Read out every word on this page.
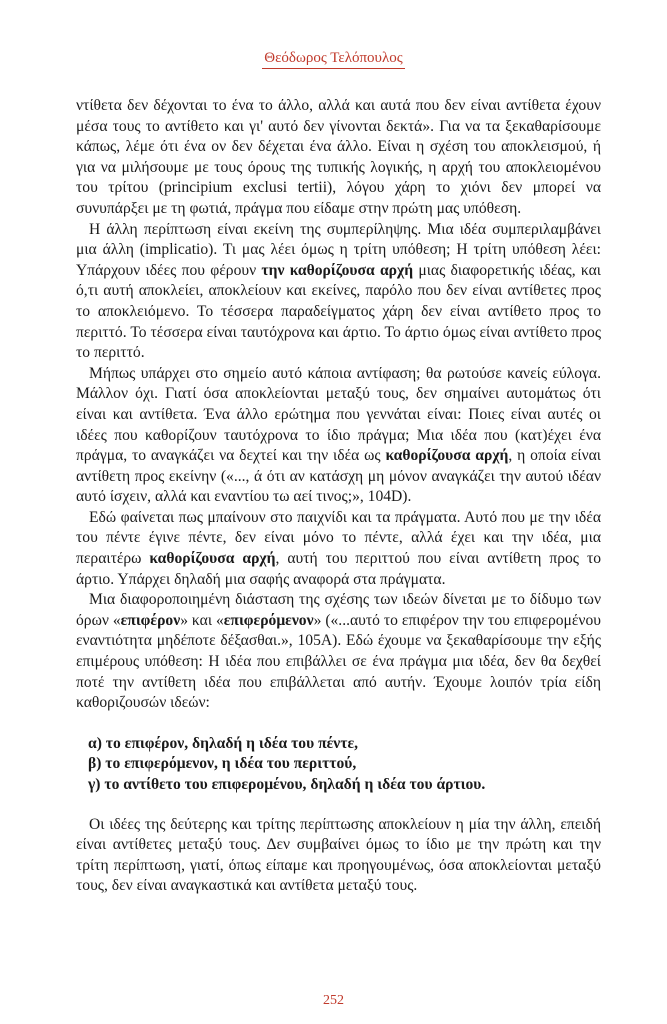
Θεόδωρος Τελόπουλος

ντίθετα δεν δέχονται το ένα το άλλο, αλλά και αυτά που δεν είναι αντίθετα έχουν μέσα τους το αντίθετο και γι' αυτό δεν γίνονται δεκτά». Για να τα ξεκαθαρίσουμε κάπως, λέμε ότι ένα ον δεν δέχεται ένα άλλο. Είναι η σχέση του αποκλεισμού, ή για να μιλήσουμε με τους όρους της τυπικής λογικής, η αρχή του αποκλειομένου του τρίτου (principium exclusi tertii), λόγου χάρη το χιόνι δεν μπορεί να συνυπάρξει με τη φωτιά, πράγμα που είδαμε στην πρώτη μας υπόθεση.

Η άλλη περίπτωση είναι εκείνη της συμπερίληψης. Μια ιδέα συμπεριλαμβάνει μια άλλη (implicatio). Τι μας λέει όμως η τρίτη υπόθεση; Η τρίτη υπόθεση λέει: Υπάρχουν ιδέες που φέρουν την καθορίζουσα αρχή μιας διαφορετικής ιδέας, και ό,τι αυτή αποκλείει, αποκλείουν και εκείνες, παρόλο που δεν είναι αντίθετες προς το αποκλειόμενο. Το τέσσερα παραδείγματος χάρη δεν είναι αντίθετο προς το περιττό. Το τέσσερα είναι ταυτόχρονα και άρτιο. Το άρτιο όμως είναι αντίθετο προς το περιττό.

Μήπως υπάρχει στο σημείο αυτό κάποια αντίφαση; θα ρωτούσε κανείς εύλογα. Μάλλον όχι. Γιατί όσα αποκλείονται μεταξύ τους, δεν σημαίνει αυτομάτως ότι είναι και αντίθετα. Ένα άλλο ερώτημα που γεννάται είναι: Ποιες είναι αυτές οι ιδέες που καθορίζουν ταυτόχρονα το ίδιο πράγμα; Μια ιδέα που (κατ)έχει ένα πράγμα, το αναγκάζει να δεχτεί και την ιδέα ως καθορίζουσα αρχή, η οποία είναι αντίθετη προς εκείνην («..., ά ότι αν κατάσχη μη μόνον αναγκάζει την αυτού ιδέαν αυτό ίσχειν, αλλά και εναντίου τω αεί τινος;», 104D).

Εδώ φαίνεται πως μπαίνουν στο παιχνίδι και τα πράγματα. Αυτό που με την ιδέα του πέντε έγινε πέντε, δεν είναι μόνο το πέντε, αλλά έχει και την ιδέα, μια περαιτέρω καθορίζουσα αρχή, αυτή του περιττού που είναι αντίθετη προς το άρτιο. Υπάρχει δηλαδή μια σαφής αναφορά στα πράγματα.

Μια διαφοροποιημένη διάσταση της σχέσης των ιδεών δίνεται με το δίδυμο των όρων «επιφέρον» και «επιφερόμενον» («...αυτό το επιφέρον την του επιφερομένου εναντιότητα μηδέποτε δέξασθαι.», 105A). Εδώ έχουμε να ξεκαθαρίσουμε την εξής επιμέρους υπόθεση: Η ιδέα που επιβάλλει σε ένα πράγμα μια ιδέα, δεν θα δεχθεί ποτέ την αντίθετη ιδέα που επιβάλλεται από αυτήν. Έχουμε λοιπόν τρία είδη καθοριζουσών ιδεών:

α) το επιφέρον, δηλαδή η ιδέα του πέντε,
β) το επιφερόμενον, η ιδέα του περιττού,
γ) το αντίθετο του επιφερομένου, δηλαδή η ιδέα του άρτιου.

Οι ιδέες της δεύτερης και τρίτης περίπτωσης αποκλείουν η μία την άλλη, επειδή είναι αντίθετες μεταξύ τους. Δεν συμβαίνει όμως το ίδιο με την πρώτη και την τρίτη περίπτωση, γιατί, όπως είπαμε και προηγουμένως, όσα αποκλείονται μεταξύ τους, δεν είναι αναγκαστικά και αντίθετα μεταξύ τους.

252
